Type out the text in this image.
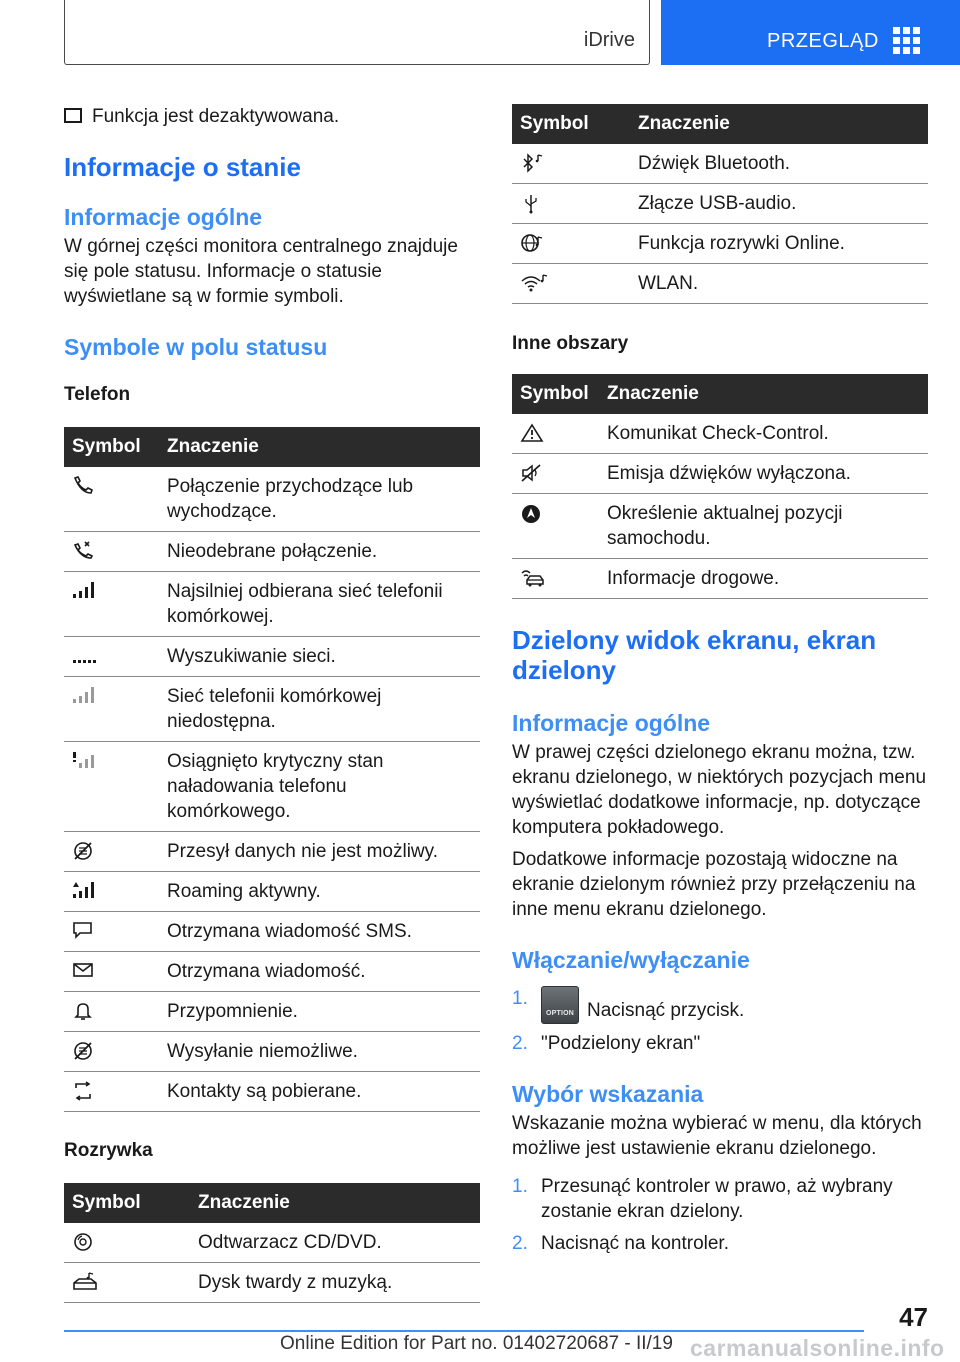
iDrive	PRZEGLĄD
Funkcja jest dezaktywowana.
Informacje o stanie
Informacje ogólne
W górnej części monitora centralnego znajduje się pole statusu. Informacje o statusie wyświetlane są w formie symboli.
Symbole w polu statusu
Telefon
Symbol	Znaczenie

	Połączenie przychodzące lub wychodzące.

	Nieodebrane połączenie.

	Najsilniej odbierana sieć telefonii komórkowej.

	Wyszukiwanie sieci.

	Sieć telefonii komórkowej niedostępna.

	Osiągnięto krytyczny stan naładowania telefonu komórkowego.

	Przesył danych nie jest możliwy.

	Roaming aktywny.

	Otrzymana wiadomość SMS.

	Otrzymana wiadomość.

	Przypomnienie.

	Wysyłanie niemożliwe.

	Kontakty są pobierane.
Rozrywka
Symbol	Znaczenie

	Odtwarzacz CD/DVD.

	Dysk twardy z muzyką.
Symbol	Znaczenie

	Dźwięk Bluetooth.

	Złącze USB-audio.

	Funkcja rozrywki Online.

	WLAN.
Inne obszary
Symbol	Znaczenie

	Komunikat Check-Control.

	Emisja dźwięków wyłączona.

	Określenie aktualnej pozycji samochodu.

	Informacje drogowe.
Dzielony widok ekranu, ekran dzielony
Informacje ogólne
W prawej części dzielonego ekranu można, tzw. ekranu dzielonego, w niektórych pozycjach menu wyświetlać dodatkowe informacje, np. dotyczące komputera pokładowego.
Dodatkowe informacje pozostają widoczne na ekranie dzielonym również przy przełączeniu na inne menu ekranu dzielonego.
Włączanie/wyłączanie
1.
OPTION Nacisnąć przycisk.
2. "Podzielony ekran"
Wybór wskazania
Wskazanie można wybierać w menu, dla których możliwe jest ustawienie ekranu dzielonego.
1. Przesunąć kontroler w prawo, aż wybrany zostanie ekran dzielony.
2. Nacisnąć na kontroler.
47
Online Edition for Part no. 01402720687 - II/19 carmanualsonline.info
